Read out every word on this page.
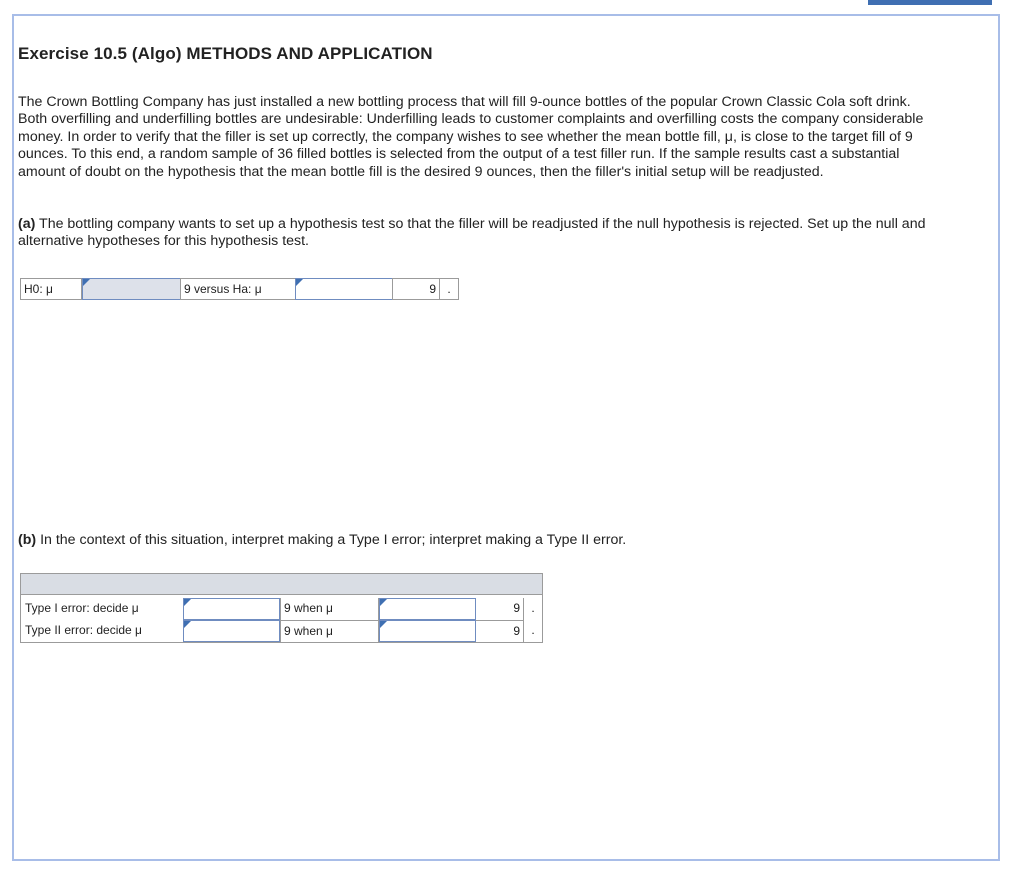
Exercise 10.5 (Algo) METHODS AND APPLICATION

The Crown Bottling Company has just installed a new bottling process that will fill 9-ounce bottles of the popular Crown Classic Cola soft drink. Both overfilling and underfilling bottles are undesirable: Underfilling leads to customer complaints and overfilling costs the company considerable money. In order to verify that the filler is set up correctly, the company wishes to see whether the mean bottle fill, μ, is close to the target fill of 9 ounces. To this end, a random sample of 36 filled bottles is selected from the output of a test filler run. If the sample results cast a substantial amount of doubt on the hypothesis that the mean bottle fill is the desired 9 ounces, then the filler's initial setup will be readjusted.

(a) The bottling company wants to set up a hypothesis test so that the filler will be readjusted if the null hypothesis is rejected. Set up the null and alternative hypotheses for this hypothesis test.

H0: μ	9 versus Ha: μ	9 .

(b) In the context of this situation, interpret making a Type I error; interpret making a Type II error.

Type I error: decide μ	9 when μ	9 .
Type II error: decide μ	9 when μ	9 .
